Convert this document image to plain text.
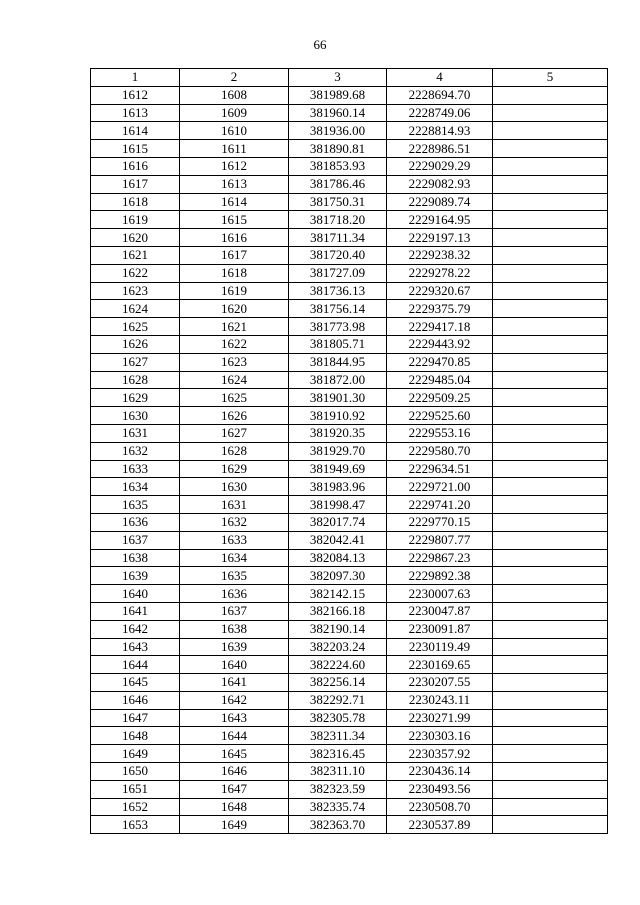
66
1	2	3	4	5
1612	1608	381989.68	2228694.70	
1613	1609	381960.14	2228749.06	
1614	1610	381936.00	2228814.93	
1615	1611	381890.81	2228986.51	
1616	1612	381853.93	2229029.29	
1617	1613	381786.46	2229082.93	
1618	1614	381750.31	2229089.74	
1619	1615	381718.20	2229164.95	
1620	1616	381711.34	2229197.13	
1621	1617	381720.40	2229238.32	
1622	1618	381727.09	2229278.22	
1623	1619	381736.13	2229320.67	
1624	1620	381756.14	2229375.79	
1625	1621	381773.98	2229417.18	
1626	1622	381805.71	2229443.92	
1627	1623	381844.95	2229470.85	
1628	1624	381872.00	2229485.04	
1629	1625	381901.30	2229509.25	
1630	1626	381910.92	2229525.60	
1631	1627	381920.35	2229553.16	
1632	1628	381929.70	2229580.70	
1633	1629	381949.69	2229634.51	
1634	1630	381983.96	2229721.00	
1635	1631	381998.47	2229741.20	
1636	1632	382017.74	2229770.15	
1637	1633	382042.41	2229807.77	
1638	1634	382084.13	2229867.23	
1639	1635	382097.30	2229892.38	
1640	1636	382142.15	2230007.63	
1641	1637	382166.18	2230047.87	
1642	1638	382190.14	2230091.87	
1643	1639	382203.24	2230119.49	
1644	1640	382224.60	2230169.65	
1645	1641	382256.14	2230207.55	
1646	1642	382292.71	2230243.11	
1647	1643	382305.78	2230271.99	
1648	1644	382311.34	2230303.16	
1649	1645	382316.45	2230357.92	
1650	1646	382311.10	2230436.14	
1651	1647	382323.59	2230493.56	
1652	1648	382335.74	2230508.70	
1653	1649	382363.70	2230537.89	
